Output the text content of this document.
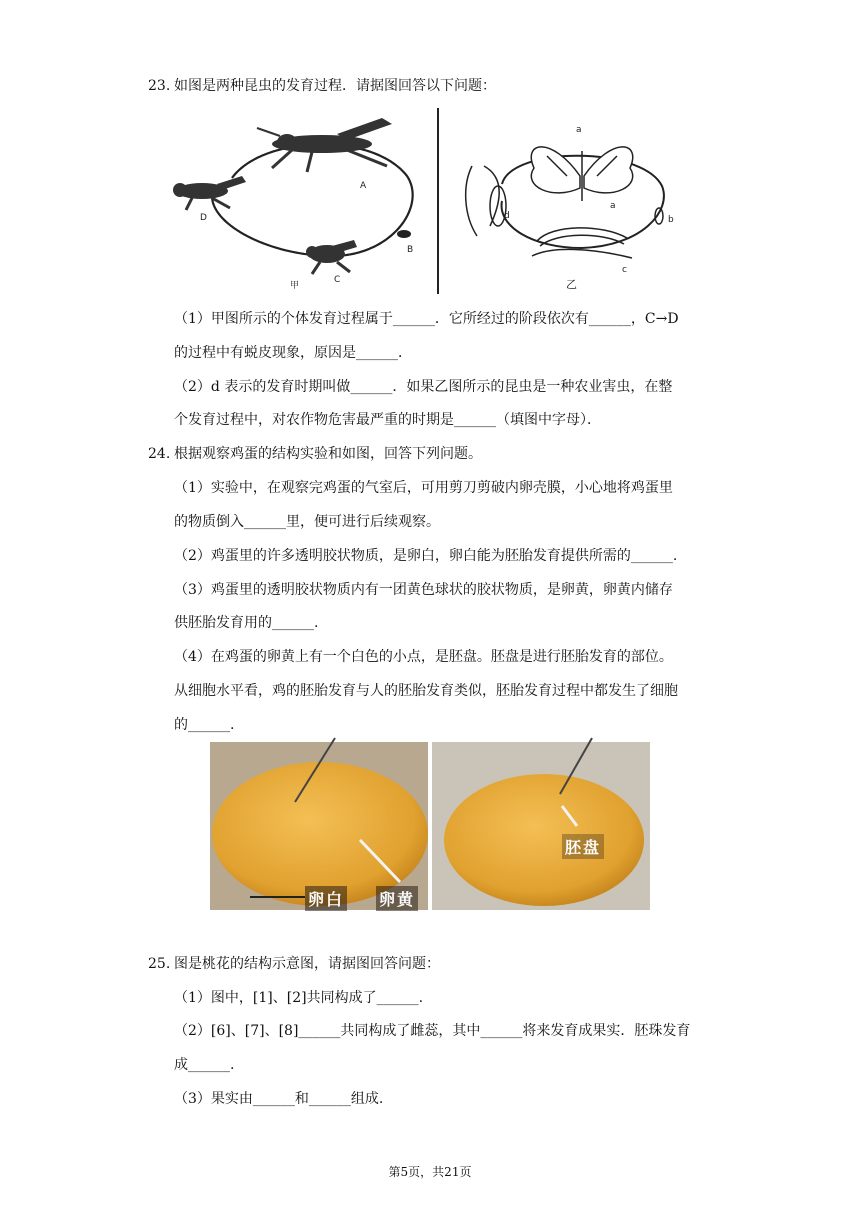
23. 如图是两种昆虫的发育过程．请据图回答以下问题：
A
B
C
D
甲
a
b
c
d
乙
a
（1）甲图所示的个体发育过程属于______．它所经过的阶段依次有______，C→D
的过程中有蜕皮现象，原因是______．
（2）d 表示的发育时期叫做______．如果乙图所示的昆虫是一种农业害虫，在整
个发育过程中，对农作物危害最严重的时期是______（填图中字母）．
24. 根据观察鸡蛋的结构实验和如图，回答下列问题。
（1）实验中，在观察完鸡蛋的气室后，可用剪刀剪破内卵壳膜，小心地将鸡蛋里
的物质倒入______里，便可进行后续观察。
（2）鸡蛋里的许多透明胶状物质，是卵白，卵白能为胚胎发育提供所需的______.
（3）鸡蛋里的透明胶状物质内有一团黄色球状的胶状物质，是卵黄，卵黄内储存
供胚胎发育用的______.
（4）在鸡蛋的卵黄上有一个白色的小点，是胚盘。胚盘是进行胚胎发育的部位。
从细胞水平看，鸡的胚胎发育与人的胚胎发育类似，胚胎发育过程中都发生了细胞
的______.
卵白 卵黄
胚盘
25. 图是桃花的结构示意图，请据图回答问题：
（1）图中，[1]、[2]共同构成了______.
（2）[6]、[7]、[8]______共同构成了雌蕊，其中______将来发育成果实．胚珠发育
成______.
（3）果实由______和______组成.
第5页，共21页
